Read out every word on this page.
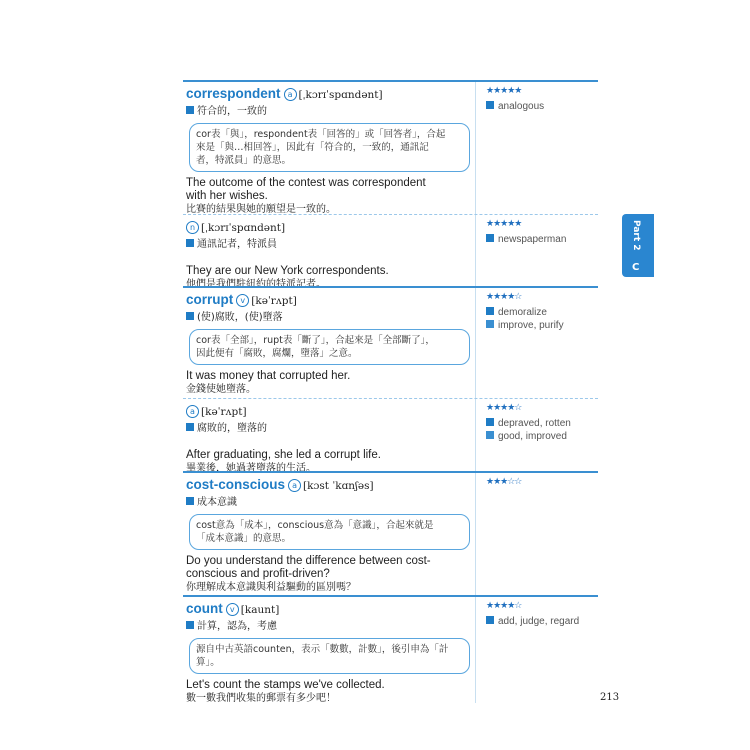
correspondent a [ˌkɔrɪˈspɑndənt]
符合的，一致的
cor表「與」，respondent表「回答的」或「回答者」，合起
來是「與…相回答」，因此有「符合的，一致的，通訊記
者，特派員」的意思。
The outcome of the contest was correspondent
with her wishes.
比賽的結果與她的願望是一致的。
★★★★★
analogous
n [ˌkɔrɪˈspɑndənt]
通訊記者，特派員
They are our New York correspondents.
他們是我們駐紐約的特派記者。
★★★★★
newspaperman
corrupt v [kəˈrʌpt]
(使)腐敗，(使)墮落
cor表「全部」，rupt表「斷了」，合起來是「全部斷了」，
因此便有「腐敗，腐爛，墮落」之意。
It was money that corrupted her.
金錢使她墮落。
★★★★☆
demoralize
improve, purify
a [kəˈrʌpt]
腐敗的，墮落的
After graduating, she led a corrupt life.
畢業後，她過著墮落的生活。
★★★★☆
depraved, rotten
good, improved
cost-conscious a [kɔst ˈkɑnʃəs]
成本意識
cost意為「成本」，conscious意為「意識」，合起來就是
「成本意識」的意思。
Do you understand the difference between cost-
conscious and profit-driven?
你理解成本意識與利益驅動的區別嗎？
★★★☆☆
count v [kaunt]
計算，認為，考慮
源自中古英語counten，表示「數數，計數」，後引申為「計
算」。
Let's count the stamps we've collected.
數一數我們收集的郵票有多少吧！
★★★★☆
add, judge, regard
Part 2
C
213
